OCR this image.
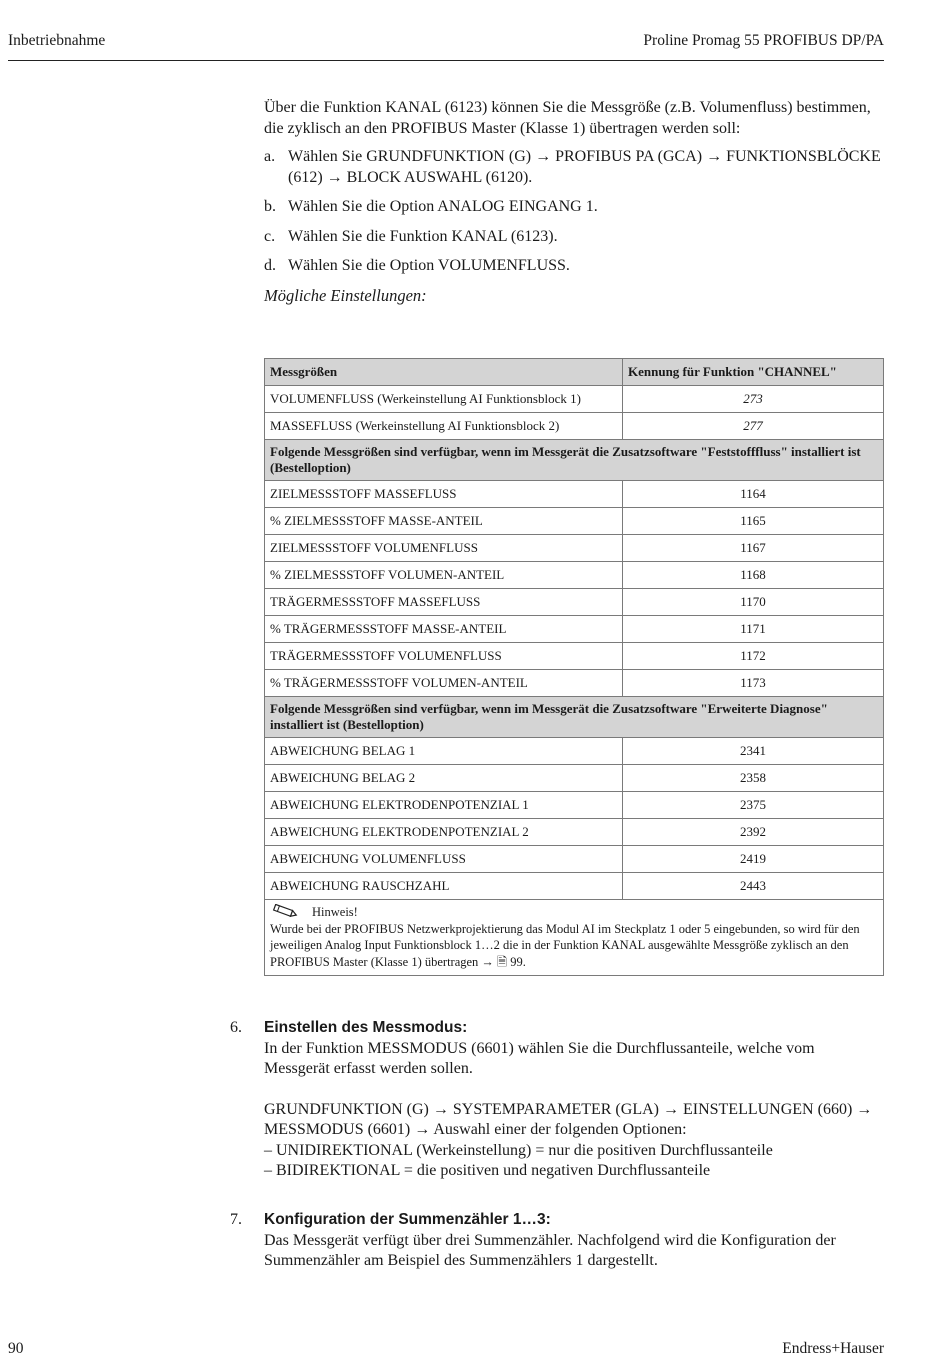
Inbetriebnahme	Proline Promag 55 PROFIBUS DP/PA

Über die Funktion KANAL (6123) können Sie die Messgröße (z.B. Volumenfluss) bestimmen, die zyklisch an den PROFIBUS Master (Klasse 1) übertragen werden soll:

a. Wählen Sie GRUNDFUNKTION (G) → PROFIBUS PA (GCA) → FUNKTIONSBLÖCKE (612) → BLOCK AUSWAHL (6120).
b. Wählen Sie die Option ANALOG EINGANG 1.
c. Wählen Sie die Funktion KANAL (6123).
d. Wählen Sie die Option VOLUMENFLUSS.

Mögliche Einstellungen:

Messgrößen	Kennung für Funktion "CHANNEL"
VOLUMENFLUSS (Werkeinstellung AI Funktionsblock 1)	273
MASSEFLUSS (Werkeinstellung AI Funktionsblock 2)	277
Folgende Messgrößen sind verfügbar, wenn im Messgerät die Zusatzsoftware "Feststofffluss" installiert ist (Bestelloption)	
ZIELMESSSTOFF MASSEFLUSS	1164
% ZIELMESSSTOFF MASSE-ANTEIL	1165
ZIELMESSSTOFF VOLUMENFLUSS	1167
% ZIELMESSSTOFF VOLUMEN-ANTEIL	1168
TRÄGERMESSSTOFF MASSEFLUSS	1170
% TRÄGERMESSSTOFF MASSE-ANTEIL	1171
TRÄGERMESSSTOFF VOLUMENFLUSS	1172
% TRÄGERMESSSTOFF VOLUMEN-ANTEIL	1173
Folgende Messgrößen sind verfügbar, wenn im Messgerät die Zusatzsoftware "Erweiterte Diagnose" installiert ist (Bestelloption)	
ABWEICHUNG BELAG 1	2341
ABWEICHUNG BELAG 2	2358
ABWEICHUNG ELEKTRODENPOTENZIAL 1	2375
ABWEICHUNG ELEKTRODENPOTENZIAL 2	2392
ABWEICHUNG VOLUMENFLUSS	2419
ABWEICHUNG RAUSCHZAHL	2443
Hinweis!
Wurde bei der PROFIBUS Netzwerkprojektierung das Modul AI im Steckplatz 1 oder 5 eingebunden, so wird für den jeweiligen Analog Input Funktionsblock 1…2 die in der Funktion KANAL ausgewählte Messgröße zyklisch an den PROFIBUS Master (Klasse 1) übertragen → 🗎 99.	
6. Einstellen des Messmodus:

In der Funktion MESSMODUS (6601) wählen Sie die Durchflussanteile, welche vom Messgerät erfasst werden sollen.

GRUNDFUNKTION (G) → SYSTEMPARAMETER (GLA) → EINSTELLUNGEN (660) → MESSMODUS (6601) → Auswahl einer der folgenden Optionen:

– UNIDIREKTIONAL (Werkeinstellung) = nur die positiven Durchflussanteile

– BIDIREKTIONAL = die positiven und negativen Durchflussanteile

7. Konfiguration der Summenzähler 1…3:

Das Messgerät verfügt über drei Summenzähler. Nachfolgend wird die Konfiguration der Summenzähler am Beispiel des Summenzählers 1 dargestellt.

90	Endress+Hauser
